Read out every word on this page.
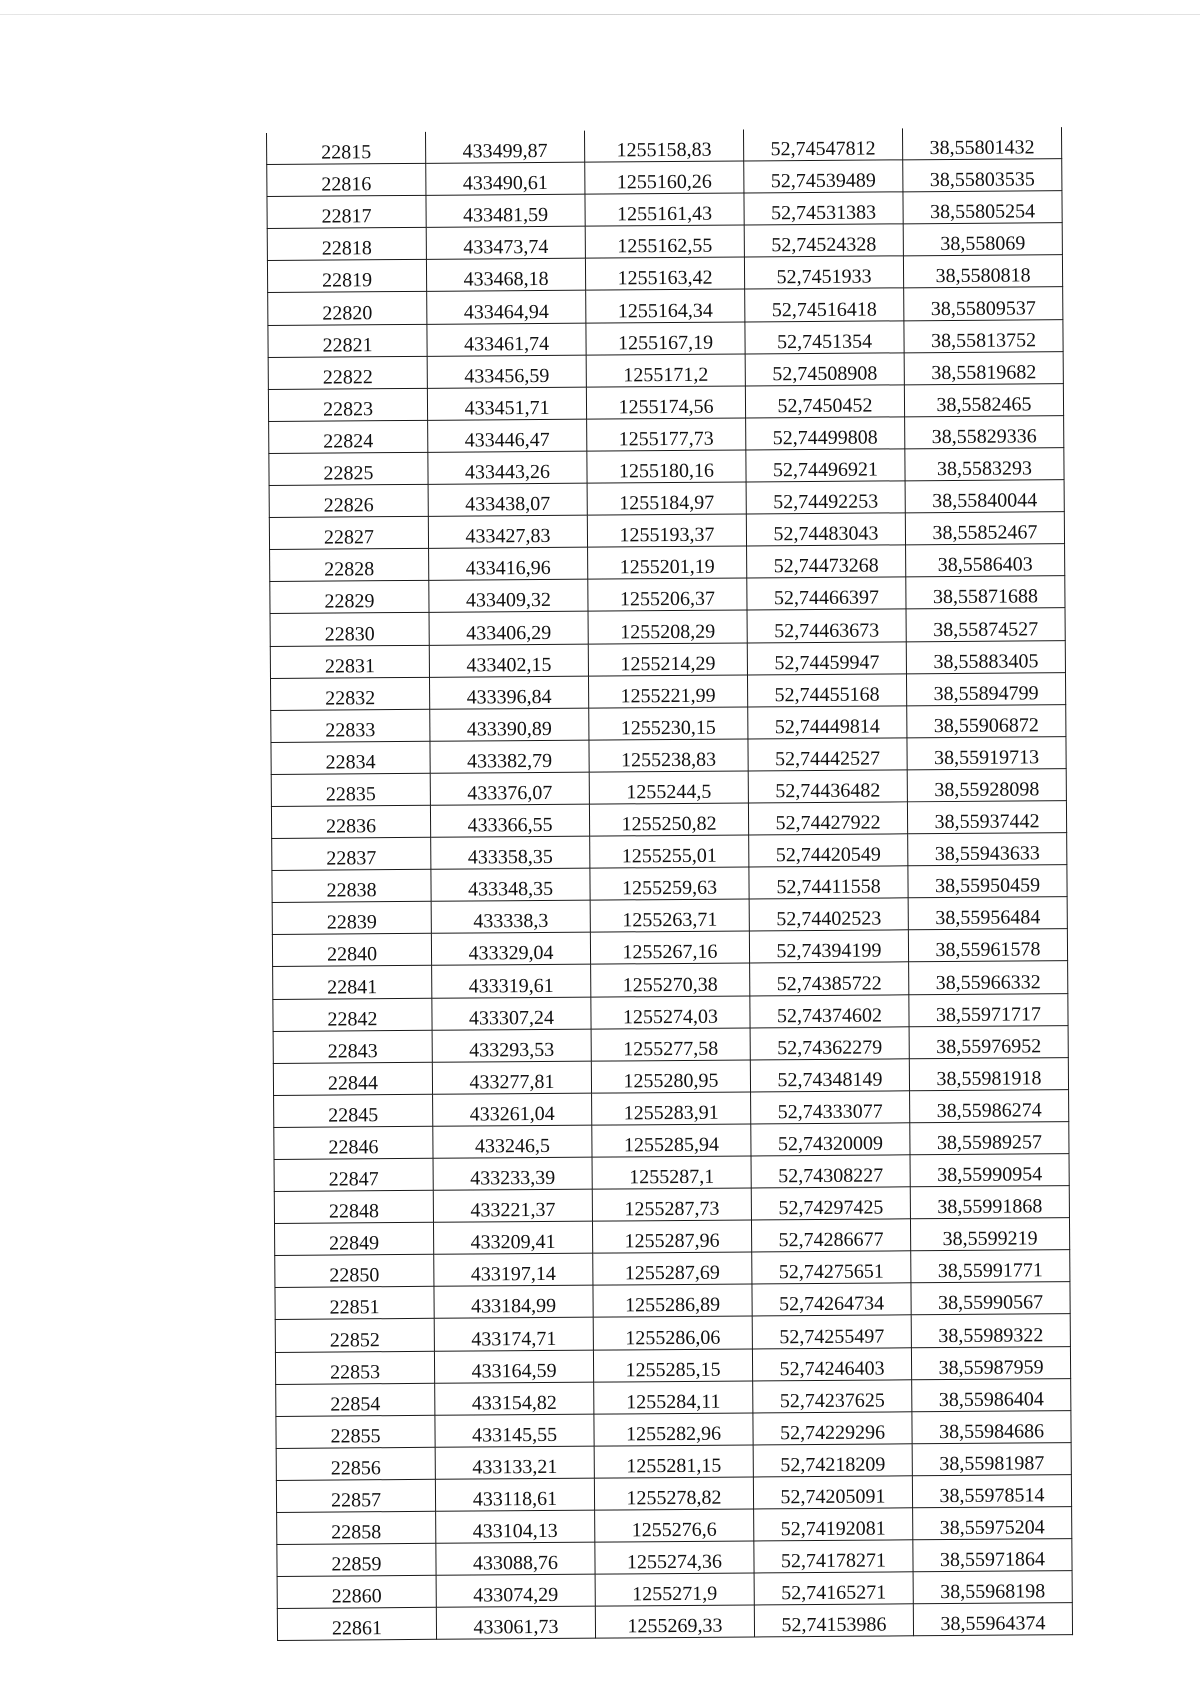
22815	433499,87	1255158,83	52,74547812	38,55801432
22816	433490,61	1255160,26	52,74539489	38,55803535
22817	433481,59	1255161,43	52,74531383	38,55805254
22818	433473,74	1255162,55	52,74524328	38,558069
22819	433468,18	1255163,42	52,7451933	38,5580818
22820	433464,94	1255164,34	52,74516418	38,55809537
22821	433461,74	1255167,19	52,7451354	38,55813752
22822	433456,59	1255171,2	52,74508908	38,55819682
22823	433451,71	1255174,56	52,7450452	38,5582465
22824	433446,47	1255177,73	52,74499808	38,55829336
22825	433443,26	1255180,16	52,74496921	38,5583293
22826	433438,07	1255184,97	52,74492253	38,55840044
22827	433427,83	1255193,37	52,74483043	38,55852467
22828	433416,96	1255201,19	52,74473268	38,5586403
22829	433409,32	1255206,37	52,74466397	38,55871688
22830	433406,29	1255208,29	52,74463673	38,55874527
22831	433402,15	1255214,29	52,74459947	38,55883405
22832	433396,84	1255221,99	52,74455168	38,55894799
22833	433390,89	1255230,15	52,74449814	38,55906872
22834	433382,79	1255238,83	52,74442527	38,55919713
22835	433376,07	1255244,5	52,74436482	38,55928098
22836	433366,55	1255250,82	52,74427922	38,55937442
22837	433358,35	1255255,01	52,74420549	38,55943633
22838	433348,35	1255259,63	52,74411558	38,55950459
22839	433338,3	1255263,71	52,74402523	38,55956484
22840	433329,04	1255267,16	52,74394199	38,55961578
22841	433319,61	1255270,38	52,74385722	38,55966332
22842	433307,24	1255274,03	52,74374602	38,55971717
22843	433293,53	1255277,58	52,74362279	38,55976952
22844	433277,81	1255280,95	52,74348149	38,55981918
22845	433261,04	1255283,91	52,74333077	38,55986274
22846	433246,5	1255285,94	52,74320009	38,55989257
22847	433233,39	1255287,1	52,74308227	38,55990954
22848	433221,37	1255287,73	52,74297425	38,55991868
22849	433209,41	1255287,96	52,74286677	38,5599219
22850	433197,14	1255287,69	52,74275651	38,55991771
22851	433184,99	1255286,89	52,74264734	38,55990567
22852	433174,71	1255286,06	52,74255497	38,55989322
22853	433164,59	1255285,15	52,74246403	38,55987959
22854	433154,82	1255284,11	52,74237625	38,55986404
22855	433145,55	1255282,96	52,74229296	38,55984686
22856	433133,21	1255281,15	52,74218209	38,55981987
22857	433118,61	1255278,82	52,74205091	38,55978514
22858	433104,13	1255276,6	52,74192081	38,55975204
22859	433088,76	1255274,36	52,74178271	38,55971864
22860	433074,29	1255271,9	52,74165271	38,55968198
22861	433061,73	1255269,33	52,74153986	38,55964374
